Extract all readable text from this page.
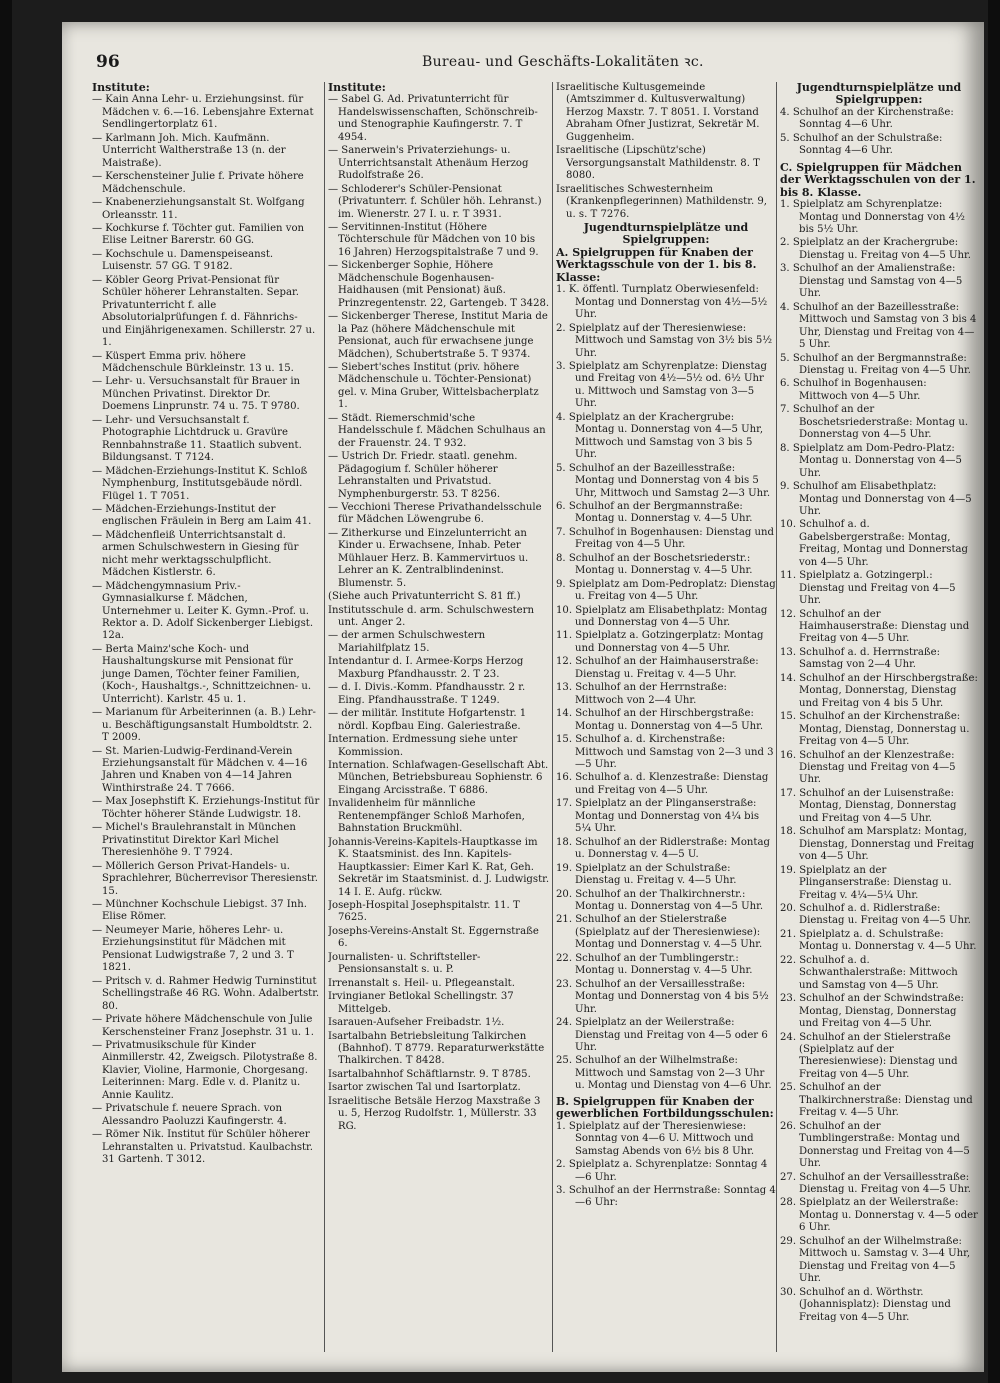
96	Bureau- und Geschäfts-Lokalitäten ꝛc.
Institute:
— Kain Anna Lehr- u. Erziehungsinst. für Mädchen v. 6.—16. Lebensjahre Externat Sendlingertorplatz 61.
— Karlmann Joh. Mich. Kaufmänn. Unterricht Waltherstraße 13 (n. der Maistraße).
— Kerschensteiner Julie f. Private höhere Mädchenschule.
— Knabenerziehungsanstalt St. Wolfgang Orleansstr. 11.
— Kochkurse f. Töchter gut. Familien von Elise Leitner Barerstr. 60 GG.
— Kochschule u. Damenspeiseanst. Luisenstr. 57 GG. T 9182.
— Köbler Georg Privat-Pensionat für Schüler höherer Lehranstalten. Separ. Privatunterricht f. alle Absolutorialprüfungen f. d. Fähnrichs- und Einjährigenexamen. Schillerstr. 27 u. 1.
— Küspert Emma priv. höhere Mädchenschule Bürkleinstr. 13 u. 15.
— Lehr- u. Versuchsanstalt für Brauer in München Privatinst. Direktor Dr. Doemens Linprunstr. 74 u. 75. T 9780.
— Lehr- und Versuchsanstalt f. Photographie Lichtdruck u. Gravüre Rennbahnstraße 11. Staatlich subvent. Bildungsanst. T 7124.
— Mädchen-Erziehungs-Institut K. Schloß Nymphenburg, Institutsgebäude nördl. Flügel 1. T 7051.
— Mädchen-Erziehungs-Institut der englischen Fräulein in Berg am Laim 41.
— Mädchenfleiß Unterrichtsanstalt d. armen Schulschwestern in Giesing für nicht mehr werktagsschulpflicht. Mädchen Kistlerstr. 6.
— Mädchengymnasium Priv.-Gymnasialkurse f. Mädchen, Unternehmer u. Leiter K. Gymn.-Prof. u. Rektor a. D. Adolf Sickenberger Liebigst. 12a.
— Berta Mainz'sche Koch- und Haushaltungskurse mit Pensionat für junge Damen, Töchter feiner Familien, (Koch-, Haushaltgs.-, Schnittzeichnen- u. Unterricht). Karlstr. 45 u. 1.
— Marianum für Arbeiterinnen (a. B.) Lehr- u. Beschäftigungsanstalt Humboldtstr. 2. T 2009.
— St. Marien-Ludwig-Ferdinand-Verein Erziehungsanstalt für Mädchen v. 4—16 Jahren und Knaben von 4—14 Jahren Winthirstraße 24. T 7666.
— Max Josephstift K. Erziehungs-Institut für Töchter höherer Stände Ludwigstr. 18.
— Michel's Braulehranstalt in München Privatinstitut Direktor Karl Michel Theresienhöhe 9. T 7924.
— Möllerich Gerson Privat-Handels- u. Sprachlehrer, Bücherrevisor Theresienstr. 15.
— Münchner Kochschule Liebigst. 37 Inh. Elise Römer.
— Neumeyer Marie, höheres Lehr- u. Erziehungsinstitut für Mädchen mit Pensionat Ludwigstraße 7, 2 und 3. T 1821.
— Pritsch v. d. Rahmer Hedwig Turninstitut Schellingstraße 46 RG. Wohn. Adalbertstr. 80.
— Private höhere Mädchenschule von Julie Kerschensteiner Franz Josephstr. 31 u. 1.
— Privatmusikschule für Kinder Ainmillerstr. 42, Zweigsch. Pilotystraße 8. Klavier, Violine, Harmonie, Chorgesang. Leiterinnen: Marg. Edle v. d. Planitz u. Annie Kaulitz.
— Privatschule f. neuere Sprach. von Alessandro Paoluzzi Kaufingerstr. 4.
— Römer Nik. Institut für Schüler höherer Lehranstalten u. Privatstud. Kaulbachstr. 31 Gartenh. T 3012.
Institute:
— Sabel G. Ad. Privatunterricht für Handelswissenschaften, Schönschreib- und Stenographie Kaufingerstr. 7. T 4954.
— Sanerwein's Privaterziehungs- u. Unterrichtsanstalt Athenäum Herzog Rudolfstraße 26.
— Schloderer's Schüler-Pensionat (Privatunterr. f. Schüler höh. Lehranst.) im. Wienerstr. 27 I. u. r. T 3931.
— Servitinnen-Institut (Höhere Töchterschule für Mädchen von 10 bis 16 Jahren) Herzogspitalstraße 7 und 9.
— Sickenberger Sophie, Höhere Mädchenschule Bogenhausen-Haidhausen (mit Pensionat) äuß. Prinzregentenstr. 22, Gartengeb. T 3428.
— Sickenberger Therese, Institut Maria de la Paz (höhere Mädchenschule mit Pensionat, auch für erwachsene junge Mädchen), Schubertstraße 5. T 9374.
— Siebert'sches Institut (priv. höhere Mädchenschule u. Töchter-Pensionat) gel. v. Mina Gruber, Wittelsbacherplatz 1.
— Städt. Riemerschmid'sche Handelsschule f. Mädchen Schulhaus an der Frauenstr. 24. T 932.
— Ustrich Dr. Friedr. staatl. genehm. Pädagogium f. Schüler höherer Lehranstalten und Privatstud. Nymphenburgerstr. 53. T 8256.
— Vecchioni Therese Privathandelsschule für Mädchen Löwengrube 6.
— Zitherkurse und Einzelunterricht an Kinder u. Erwachsene, Inhab. Peter Mühlauer Herz. B. Kammervirtuos u. Lehrer an K. Zentralblindeninst. Blumenstr. 5.
(Siehe auch Privatunterricht S. 81 ff.)
Institutsschule d. arm. Schulschwestern unt. Anger 2.
— der armen Schulschwestern Mariahilfplatz 15.
Intendantur d. I. Armee-Korps Herzog Maxburg Pfandhausstr. 2. T 23.
— d. I. Divis.-Komm. Pfandhausstr. 2 r. Eing. Pfandhausstraße. T 1249.
— der militär. Institute Hofgartenstr. 1 nördl. Kopfbau Eing. Galeriestraße.
Internation. Erdmessung siehe unter Kommission.
Internation. Schlafwagen-Gesellschaft Abt. München, Betriebsbureau Sophienstr. 6 Eingang Arcisstraße. T 6886.
Invalidenheim für männliche Rentenempfänger Schloß Marhofen, Bahnstation Bruckmühl.
Johannis-Vereins-Kapitels-Hauptkasse im K. Staatsminist. des Inn. Kapitels-Hauptkassier: Eimer Karl K. Rat, Geh. Sekretär im Staatsminist. d. J. Ludwigstr. 14 I. E. Aufg. rückw.
Joseph-Hospital Josephspitalstr. 11. T 7625.
Josephs-Vereins-Anstalt St. Eggernstraße 6.
Journalisten- u. Schriftsteller-Pensionsanstalt s. u. P.
Irrenanstalt s. Heil- u. Pflegeanstalt.
Irvingianer Betlokal Schellingstr. 37 Mittelgeb.
Isarauen-Aufseher Freibadstr. 1½.
Isartalbahn Betriebsleitung Talkirchen (Bahnhof). T 8779. Reparaturwerkstätte Thalkirchen. T 8428.
Isartalbahnhof Schäftlarnstr. 9. T 8785.
Isartor zwischen Tal und Isartorplatz.
Israelitische Betsäle Herzog Maxstraße 3 u. 5, Herzog Rudolfstr. 1, Müllerstr. 33 RG.
Israelitische Kultusgemeinde (Amtszimmer d. Kultusverwaltung) Herzog Maxstr. 7. T 8051. I. Vorstand Abraham Ofner Justizrat, Sekretär M. Guggenheim.
Israelitische (Lipschütz'sche) Versorgungsanstalt Mathildenstr. 8. T 8080.
Israelitisches Schwesternheim (Krankenpflegerinnen) Mathildenstr. 9, u. s. T 7276.
Jugendturnspielplätze und Spielgruppen:
A. Spielgruppen für Knaben der Werktagsschule von der 1. bis 8. Klasse:
1. K. öffentl. Turnplatz Oberwiesenfeld: Montag und Donnerstag von 4½—5½ Uhr.
2. Spielplatz auf der Theresienwiese: Mittwoch und Samstag von 3½ bis 5½ Uhr.
3. Spielplatz am Schyrenplatze: Dienstag und Freitag von 4½—5½ od. 6½ Uhr u. Mittwoch und Samstag von 3—5 Uhr.
4. Spielplatz an der Krachergrube: Montag u. Donnerstag von 4—5 Uhr, Mittwoch und Samstag von 3 bis 5 Uhr.
5. Schulhof an der Bazeillesstraße: Montag und Donnerstag von 4 bis 5 Uhr, Mittwoch und Samstag 2—3 Uhr.
6. Schulhof an der Bergmannstraße: Montag u. Donnerstag v. 4—5 Uhr.
7. Schulhof in Bogenhausen: Dienstag und Freitag von 4—5 Uhr.
8. Schulhof an der Boschetsriederstr.: Montag u. Donnerstag v. 4—5 Uhr.
9. Spielplatz am Dom-Pedroplatz: Dienstag u. Freitag von 4—5 Uhr.
10. Spielplatz am Elisabethplatz: Montag und Donnerstag von 4—5 Uhr.
11. Spielplatz a. Gotzingerplatz: Montag und Donnerstag von 4—5 Uhr.
12. Schulhof an der Haimhauserstraße: Dienstag u. Freitag v. 4—5 Uhr.
13. Schulhof an der Herrnstraße: Mittwoch von 2—4 Uhr.
14. Schulhof an der Hirschbergstraße: Montag u. Donnerstag von 4—5 Uhr.
15. Schulhof a. d. Kirchenstraße: Mittwoch und Samstag von 2—3 und 3—5 Uhr.
16. Schulhof a. d. Klenzestraße: Dienstag und Freitag von 4—5 Uhr.
17. Spielplatz an der Plinganserstraße: Montag und Donnerstag von 4¼ bis 5¼ Uhr.
18. Schulhof an der Ridlerstraße: Montag u. Donnerstag v. 4—5 U.
19. Spielplatz an der Schulstraße: Dienstag u. Freitag v. 4—5 Uhr.
20. Schulhof an der Thalkirchnerstr.: Montag u. Donnerstag von 4—5 Uhr.
21. Schulhof an der Stielerstraße (Spielplatz auf der Theresienwiese): Montag und Donnerstag v. 4—5 Uhr.
22. Schulhof an der Tumblingerstr.: Montag u. Donnerstag v. 4—5 Uhr.
23. Schulhof an der Versaillesstraße: Montag und Donnerstag von 4 bis 5½ Uhr.
24. Spielplatz an der Weilerstraße: Dienstag und Freitag von 4—5 oder 6 Uhr.
25. Schulhof an der Wilhelmstraße: Mittwoch und Samstag von 2—3 Uhr u. Montag und Dienstag von 4—6 Uhr.
B. Spielgruppen für Knaben der gewerblichen Fortbildungsschulen:
1. Spielplatz auf der Theresienwiese: Sonntag von 4—6 U. Mittwoch und Samstag Abends von 6½ bis 8 Uhr.
2. Spielplatz a. Schyrenplatze: Sonntag 4—6 Uhr.
3. Schulhof an der Herrnstraße: Sonntag 4—6 Uhr:
Jugendturnspielplätze und Spielgruppen:
4. Schulhof an der Kirchenstraße: Sonntag 4—6 Uhr.
5. Schulhof an der Schulstraße: Sonntag 4—6 Uhr.
C. Spielgruppen für Mädchen der Werktagsschulen von der 1. bis 8. Klasse.
1. Spielplatz am Schyrenplatze: Montag und Donnerstag von 4½ bis 5½ Uhr.
2. Spielplatz an der Krachergrube: Dienstag u. Freitag von 4—5 Uhr.
3. Schulhof an der Amalienstraße: Dienstag und Samstag von 4—5 Uhr.
4. Schulhof an der Bazeillesstraße: Mittwoch und Samstag von 3 bis 4 Uhr, Dienstag und Freitag von 4—5 Uhr.
5. Schulhof an der Bergmannstraße: Dienstag u. Freitag von 4—5 Uhr.
6. Schulhof in Bogenhausen: Mittwoch von 4—5 Uhr.
7. Schulhof an der Boschetsriederstraße: Montag u. Donnerstag von 4—5 Uhr.
8. Spielplatz am Dom-Pedro-Platz: Montag u. Donnerstag von 4—5 Uhr.
9. Schulhof am Elisabethplatz: Montag und Donnerstag von 4—5 Uhr.
10. Schulhof a. d. Gabelsbergerstraße: Montag, Freitag, Montag und Donnerstag von 4—5 Uhr.
11. Spielplatz a. Gotzingerpl.: Dienstag und Freitag von 4—5 Uhr.
12. Schulhof an der Haimhauserstraße: Dienstag und Freitag von 4—5 Uhr.
13. Schulhof a. d. Herrnstraße: Samstag von 2—4 Uhr.
14. Schulhof an der Hirschbergstraße: Montag, Donnerstag, Dienstag und Freitag von 4 bis 5 Uhr.
15. Schulhof an der Kirchenstraße: Montag, Dienstag, Donnerstag u. Freitag von 4—5 Uhr.
16. Schulhof an der Klenzestraße: Dienstag und Freitag von 4—5 Uhr.
17. Schulhof an der Luisenstraße: Montag, Dienstag, Donnerstag und Freitag von 4—5 Uhr.
18. Schulhof am Marsplatz: Montag, Dienstag, Donnerstag und Freitag von 4—5 Uhr.
19. Spielplatz an der Plinganserstraße: Dienstag u. Freitag v. 4¼—5¼ Uhr.
20. Schulhof a. d. Ridlerstraße: Dienstag u. Freitag von 4—5 Uhr.
21. Spielplatz a. d. Schulstraße: Montag u. Donnerstag v. 4—5 Uhr.
22. Schulhof a. d. Schwanthalerstraße: Mittwoch und Samstag von 4—5 Uhr.
23. Schulhof an der Schwindstraße: Montag, Dienstag, Donnerstag und Freitag von 4—5 Uhr.
24. Schulhof an der Stielerstraße (Spielplatz auf der Theresienwiese): Dienstag und Freitag von 4—5 Uhr.
25. Schulhof an der Thalkirchnerstraße: Dienstag und Freitag v. 4—5 Uhr.
26. Schulhof an der Tumblingerstraße: Montag und Donnerstag und Freitag von 4—5 Uhr.
27. Schulhof an der Versaillesstraße: Dienstag u. Freitag von 4—5 Uhr.
28. Spielplatz an der Weilerstraße: Montag u. Donnerstag v. 4—5 oder 6 Uhr.
29. Schulhof an der Wilhelmstraße: Mittwoch u. Samstag v. 3—4 Uhr, Dienstag und Freitag von 4—5 Uhr.
30. Schulhof an d. Wörthstr. (Johannisplatz): Dienstag und Freitag von 4—5 Uhr.
